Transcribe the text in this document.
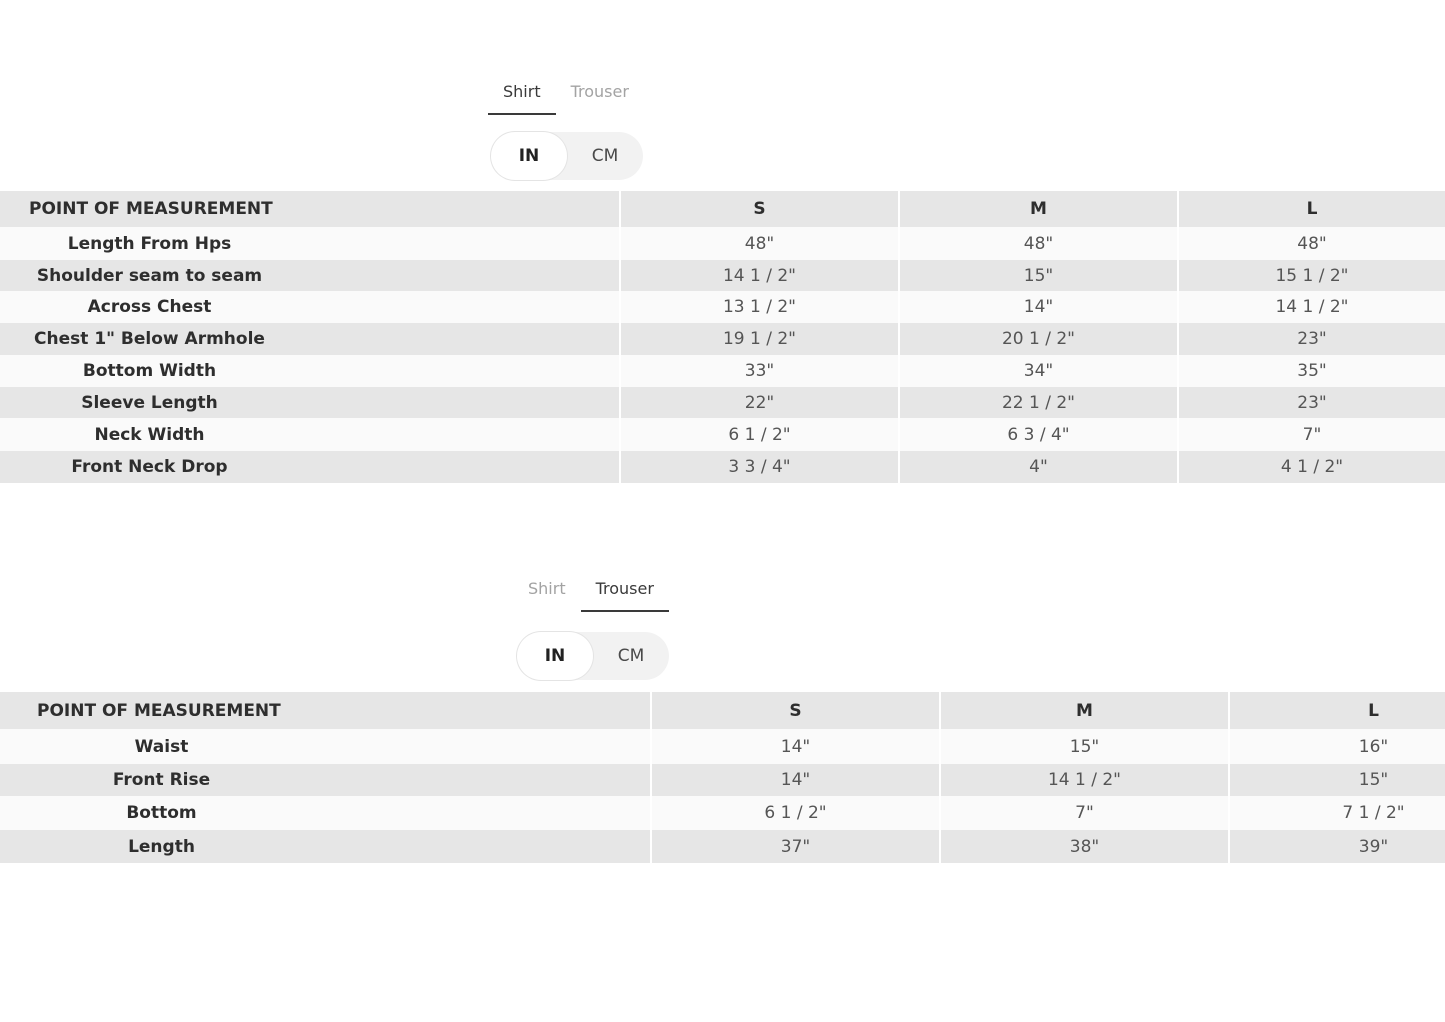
Shirt	Trouser
IN	CM
POINT OF MEASUREMENT	S	M	L
Length From Hps	48"	48"	48"
Shoulder seam to seam	14 1 / 2"	15"	15 1 / 2"
Across Chest	13 1 / 2"	14"	14 1 / 2"
Chest 1" Below Armhole	19 1 / 2"	20 1 / 2"	23"
Bottom Width	33"	34"	35"
Sleeve Length	22"	22 1 / 2"	23"
Neck Width	6 1 / 2"	6 3 / 4"	7"
Front Neck Drop	3 3 / 4"	4"	4 1 / 2"
Shirt	Trouser
IN	CM
POINT OF MEASUREMENT	S	M	L
Waist	14"	15"	16"
Front Rise	14"	14 1 / 2"	15"
Bottom	6 1 / 2"	7"	7 1 / 2"
Length	37"	38"	39"
